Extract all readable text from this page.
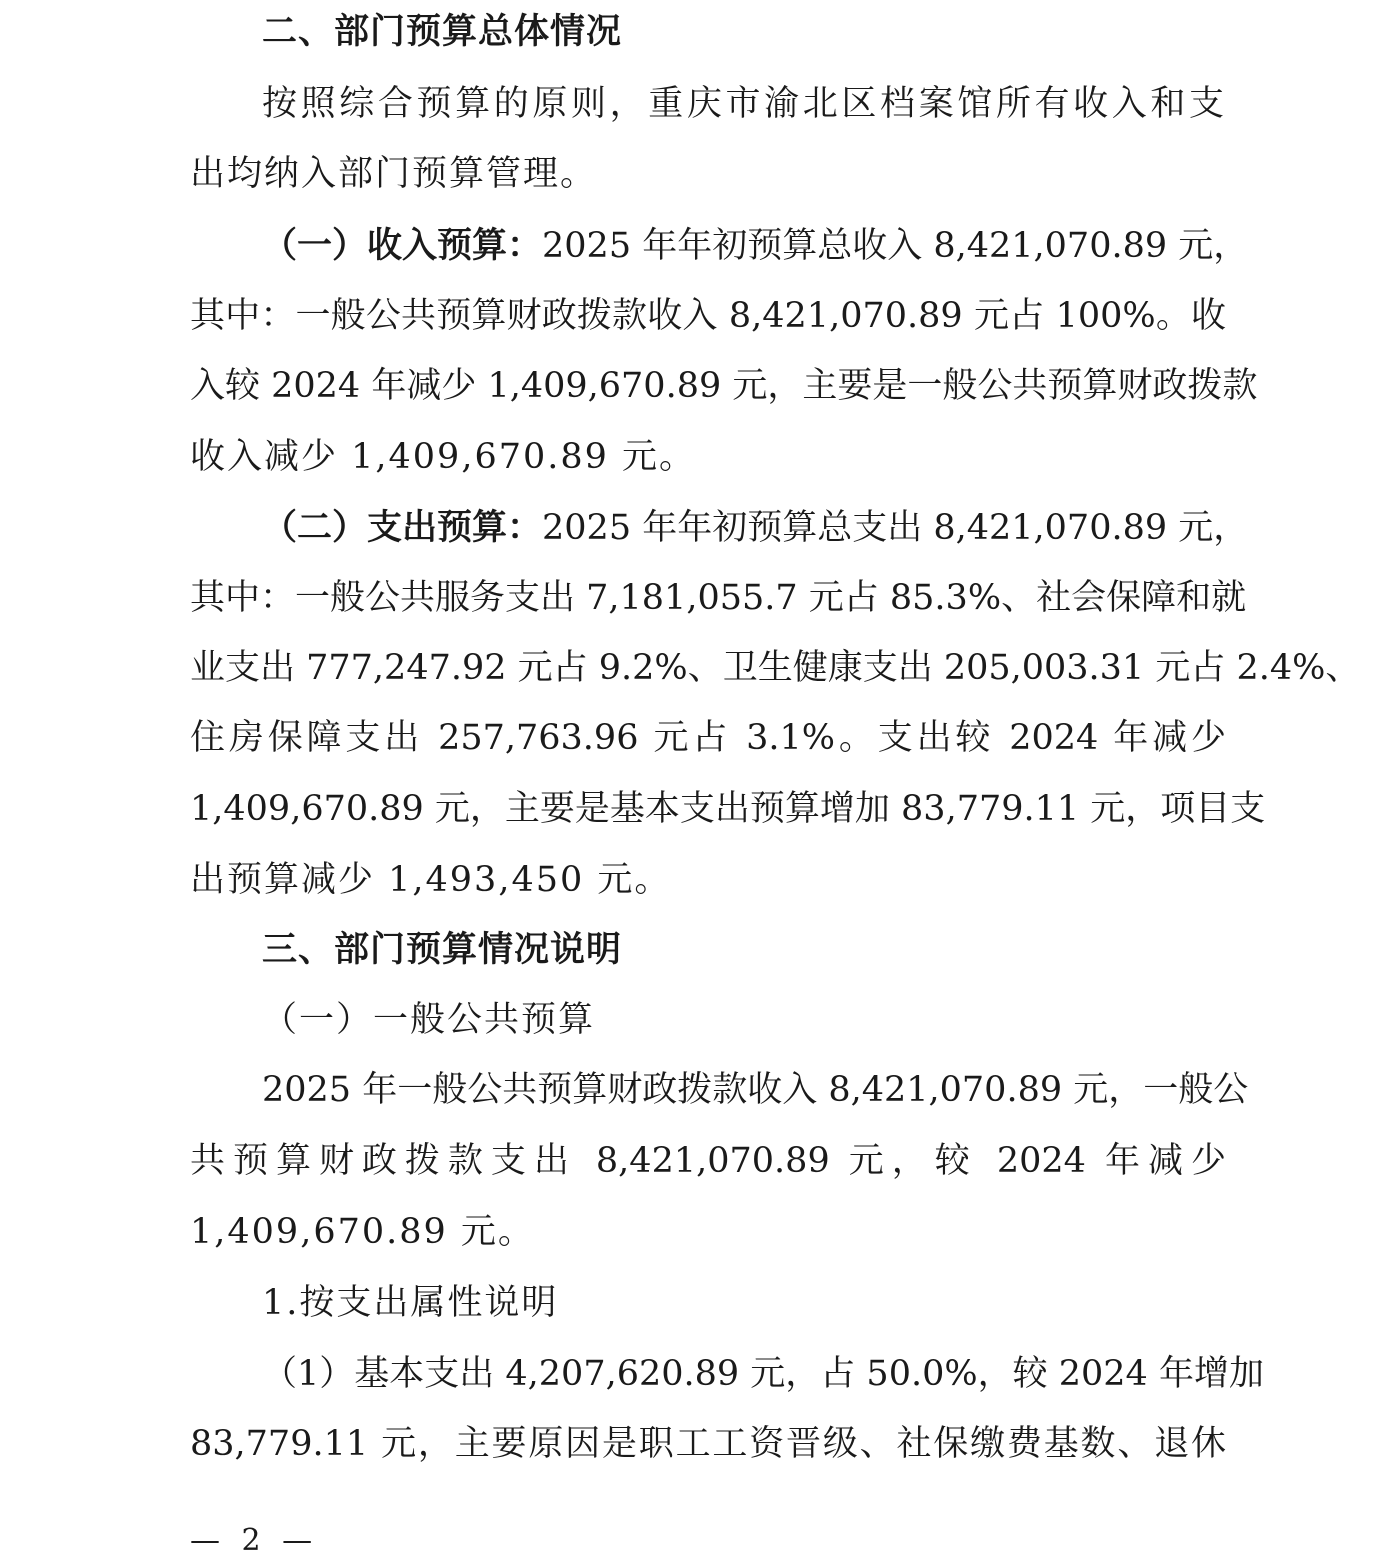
二、部门预算总体情况
按照综合预算的原则，重庆市渝北区档案馆所有收入和支
出均纳入部门预算管理。
（一）收入预算：2025 年年初预算总收入 8,421,070.89 元，
其中：一般公共预算财政拨款收入 8,421,070.89 元占 100%。收
入较 2024 年减少 1,409,670.89 元，主要是一般公共预算财政拨款
收入减少 1,409,670.89 元。
（二）支出预算：2025 年年初预算总支出 8,421,070.89 元，
其中：一般公共服务支出 7,181,055.7 元占 85.3%、社会保障和就
业支出 777,247.92 元占 9.2%、卫生健康支出 205,003.31 元占 2.4%、
住房保障支出 257,763.96 元占 3.1%。支出较 2024 年减少
1,409,670.89 元，主要是基本支出预算增加 83,779.11 元，项目支
出预算减少 1,493,450 元。
三、部门预算情况说明
（一）一般公共预算
2025 年一般公共预算财政拨款收入 8,421,070.89 元，一般公
共预算财政拨款支出 8,421,070.89 元，较 2024 年减少
1,409,670.89 元。
1.按支出属性说明
（1）基本支出 4,207,620.89 元，占 50.0%，较 2024 年增加
83,779.11 元，主要原因是职工工资晋级、社保缴费基数、退休
— 2 —
